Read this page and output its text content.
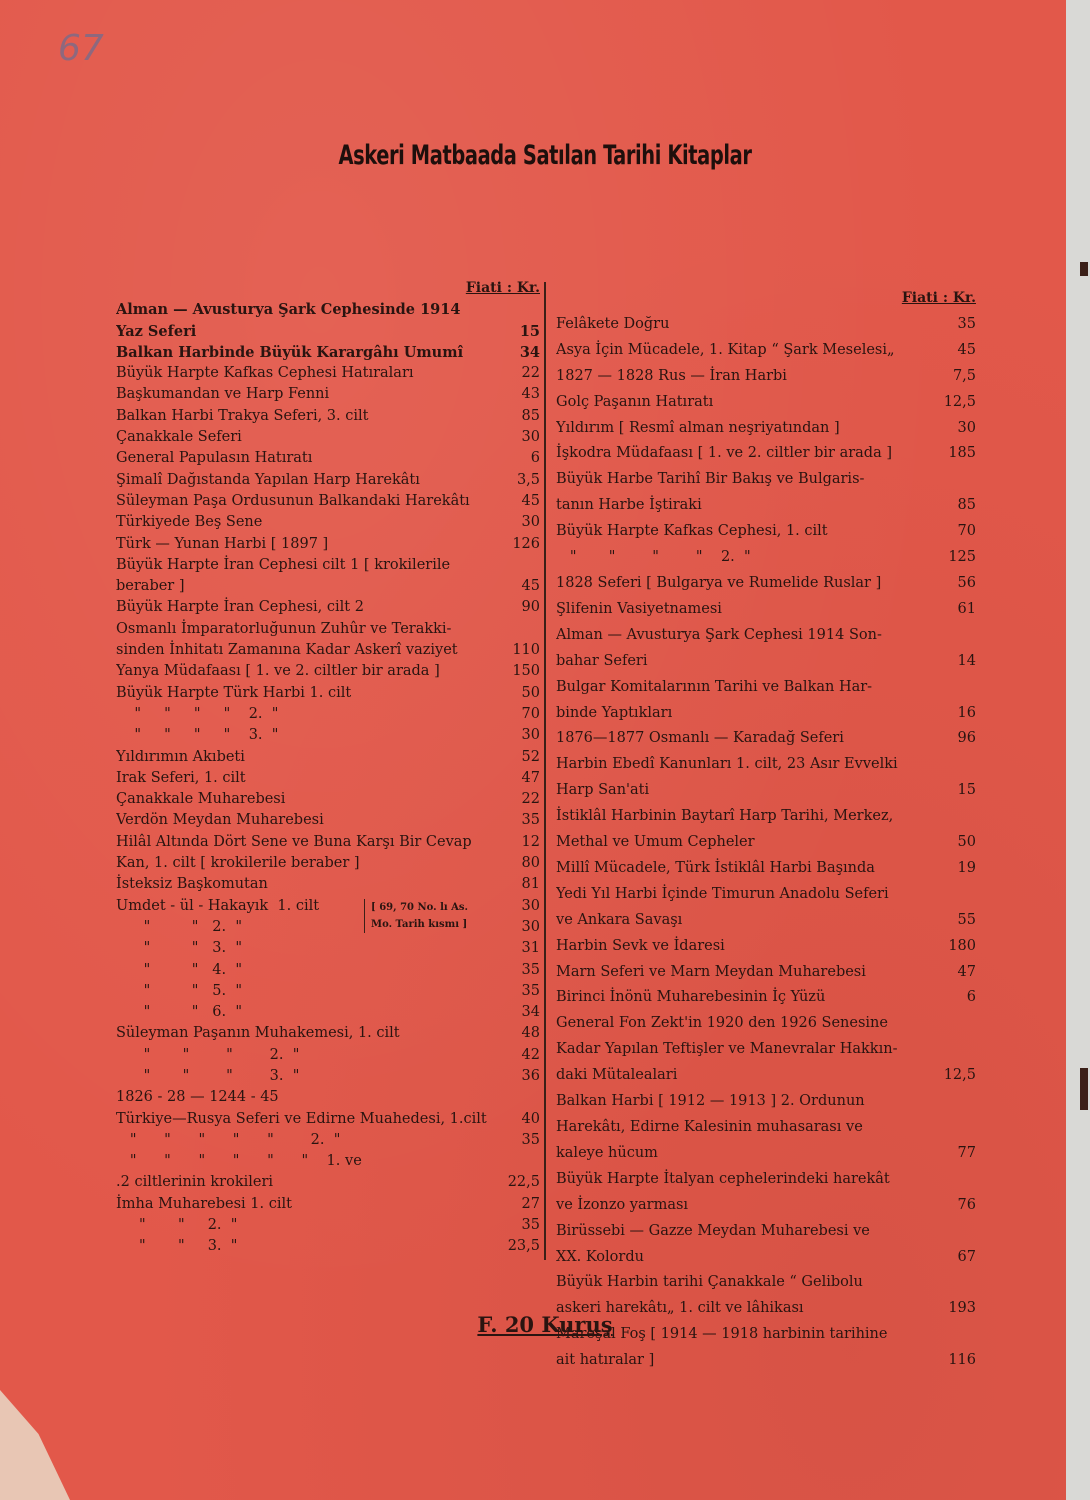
67
Askeri Matbaada Satılan Tarihi Kitaplar
Fiati : Kr.
Alman — Avusturya Şark Cephesinde 1914
Yaz Seferi	15
Balkan Harbinde Büyük Karargâhı Umumî	34
Büyük Harpte Kafkas Cephesi Hatıraları	22
Başkumandan ve Harp Fenni	43
Balkan Harbi Trakya Seferi, 3. cilt	85
Çanakkale Seferi	30
General Papulasın Hatıratı	6
Şimalî Dağıstanda Yapılan Harp Harekâtı	3,5
Süleyman Paşa Ordusunun Balkandaki Harekâtı	45
Türkiyede Beş Sene	30
Türk — Yunan Harbi [ 1897 ]	126
Büyük Harpte İran Cephesi cilt 1 [ krokilerile
beraber ]	45
Büyük Harpte İran Cephesi, cilt 2	90
Osmanlı İmparatorluğunun Zuhûr ve Terakki-
sinden İnhitatı Zamanına Kadar Askerî vaziyet	110
Yanya Müdafaası [ 1. ve 2. ciltler bir arada ]	150
Büyük Harpte Türk Harbi 1. cilt	50
"     "     "     "    2.  "	70
"     "     "     "    3.  "	30
Yıldırımın Akıbeti	52
Irak Seferi, 1. cilt	47
Çanakkale Muharebesi	22
Verdön Meydan Muharebesi	35
Hilâl Altında Dört Sene ve Buna Karşı Bir Cevap	12
Kan, 1. cilt [ krokilerile beraber ]	80
İsteksiz Başkomutan	81
Umdet - ül - Hakayık  1. cilt	30
"         "   2.  "	30
"         "   3.  "	31
"         "   4.  "	35
"         "   5.  "	35
"         "   6.  "	34
Süleyman Paşanın Muhakemesi, 1. cilt	48
"       "        "        2.  "	42
"       "        "        3.  "	36
1826 - 28 — 1244 - 45
Türkiye—Rusya Seferi ve Edirne Muahedesi, 1.cilt	40
"      "      "      "      "        2.  "	35
"      "      "      "      "      "    1. ve
.2 ciltlerinin krokileri	22,5
İmha Muharebesi 1. cilt	27
"       "     2.  "	35
"       "     3.  "	23,5
[ 69, 70 No. lı As.
Mo. Tarih kısmı ]
Fiati : Kr.
Felâkete Doğru	35
Asya İçin Mücadele, 1. Kitap “ Şark Meselesi„	45
1827 — 1828 Rus — İran Harbi	7,5
Golç Paşanın Hatıratı	12,5
Yıldırım [ Resmî alman neşriyatından ]	30
İşkodra Müdafaası [ 1. ve 2. ciltler bir arada ]	185
Büyük Harbe Tarihî Bir Bakış ve Bulgaris-
tanın Harbe İştiraki	85
Büyük Harpte Kafkas Cephesi, 1. cilt	70
"       "        "        "    2.  "	125
1828 Seferi [ Bulgarya ve Rumelide Ruslar ]	56
Şlifenin Vasiyetnamesi	61
Alman — Avusturya Şark Cephesi 1914 Son-
bahar Seferi	14
Bulgar Komitalarının Tarihi ve Balkan Har-
binde Yaptıkları	16
1876—1877 Osmanlı — Karadağ Seferi	96
Harbin Ebedî Kanunları 1. cilt, 23 Asır Evvelki
Harp San'ati	15
İstiklâl Harbinin Baytarî Harp Tarihi, Merkez,
Methal ve Umum Cepheler	50
Millî Mücadele, Türk İstiklâl Harbi Başında	19
Yedi Yıl Harbi İçinde Timurun Anadolu Seferi
ve Ankara Savaşı	55
Harbin Sevk ve İdaresi	180
Marn Seferi ve Marn Meydan Muharebesi	47
Birinci İnönü Muharebesinin İç Yüzü	6
General Fon Zekt'in 1920 den 1926 Senesine
Kadar Yapılan Teftişler ve Manevralar Hakkın-
daki Mütalealari	12,5
Balkan Harbi [ 1912 — 1913 ] 2. Ordunun
Harekâtı, Edirne Kalesinin muhasarası ve
kaleye hücum	77
Büyük Harpte İtalyan cephelerindeki harekât
ve İzonzo yarması	76
Birüssebi — Gazze Meydan Muharebesi ve
XX. Kolordu	67
Büyük Harbin tarihi Çanakkale “ Gelibolu
askeri harekâtı„ 1. cilt ve lâhikası	193
Mareşal Foş [ 1914 — 1918 harbinin tarihine
ait hatıralar ]	116
F. 20 Kuruş
